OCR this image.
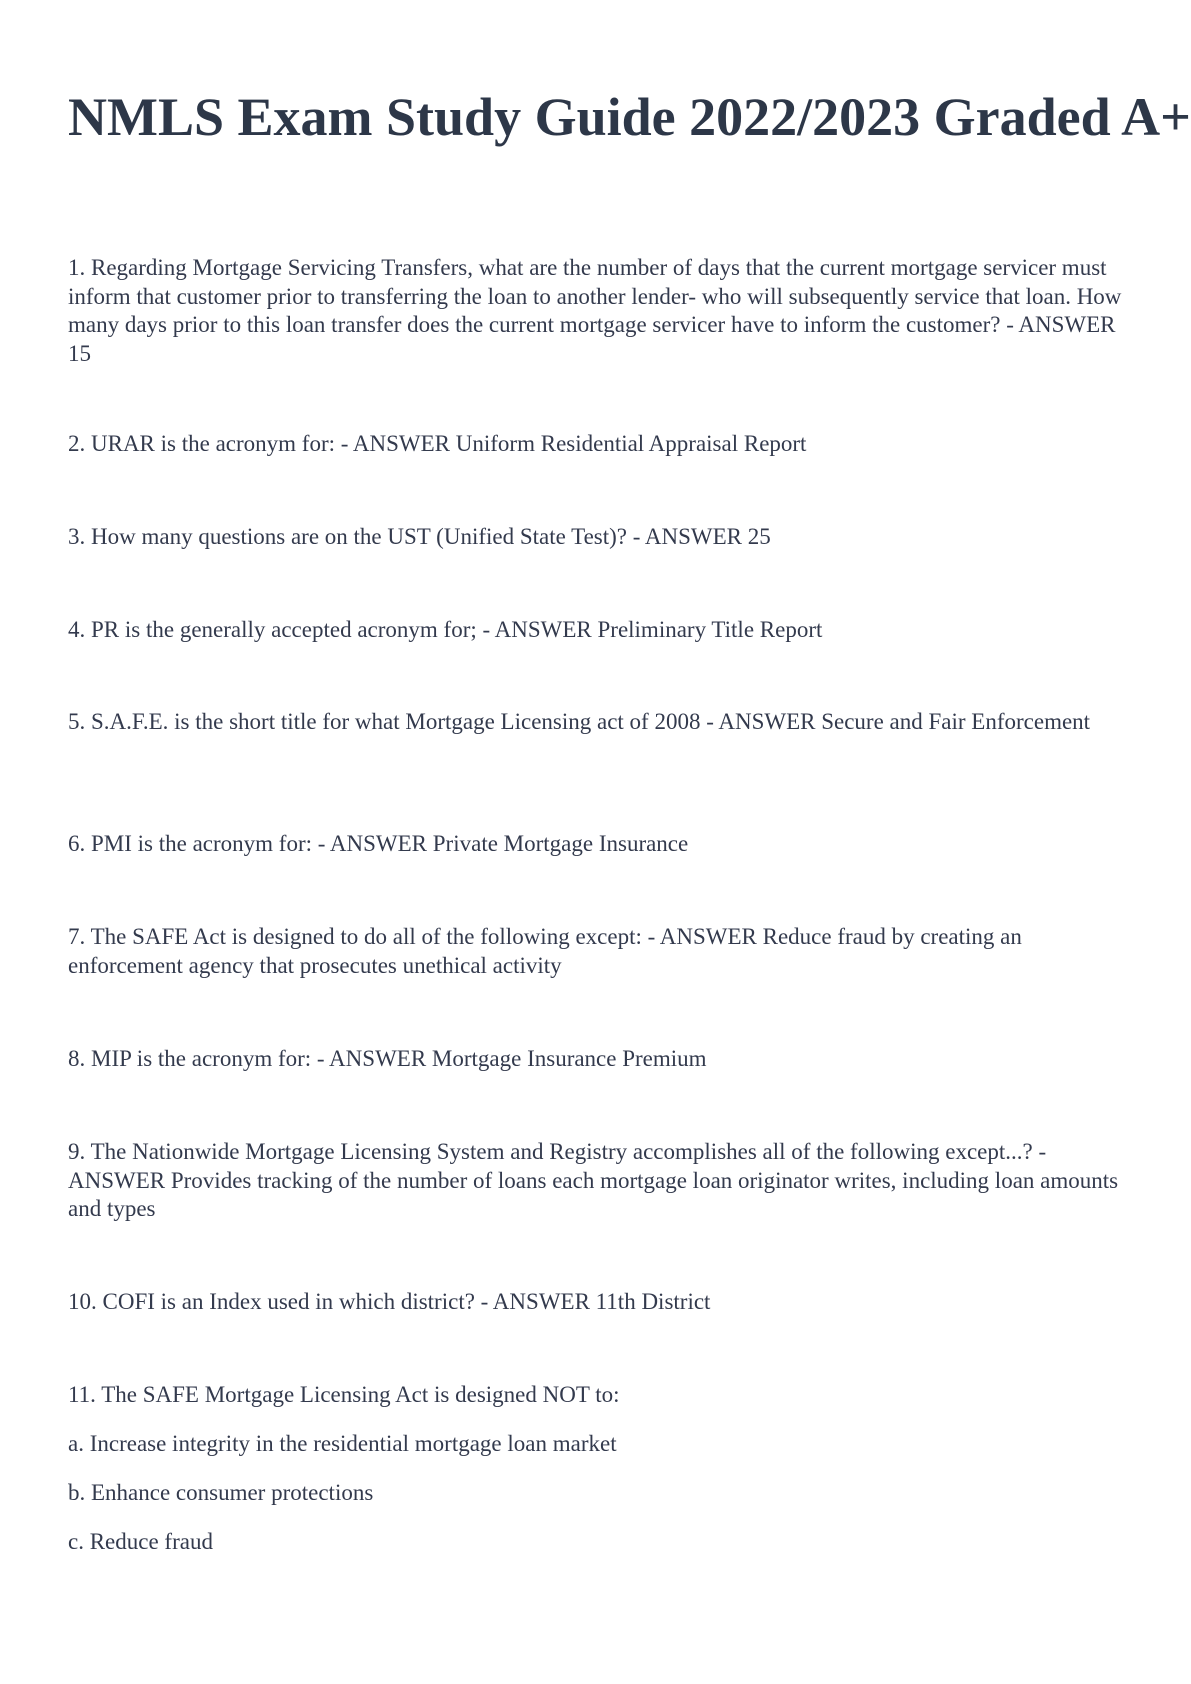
NMLS Exam Study Guide 2022/2023 Graded A+

1. Regarding Mortgage Servicing Transfers, what are the number of days that the current mortgage servicer must inform that customer prior to transferring the loan to another lender- who will subsequently service that loan. How many days prior to this loan transfer does the current mortgage servicer have to inform the customer? - ANSWER 15

2. URAR is the acronym for: - ANSWER Uniform Residential Appraisal Report

3. How many questions are on the UST (Unified State Test)? - ANSWER 25

4. PR is the generally accepted acronym for; - ANSWER Preliminary Title Report

5. S.A.F.E. is the short title for what Mortgage Licensing act of 2008 - ANSWER Secure and Fair Enforcement

6. PMI is the acronym for: - ANSWER Private Mortgage Insurance

7. The SAFE Act is designed to do all of the following except: - ANSWER Reduce fraud by creating an enforcement agency that prosecutes unethical activity

8. MIP is the acronym for: - ANSWER Mortgage Insurance Premium

9. The Nationwide Mortgage Licensing System and Registry accomplishes all of the following except...? - ANSWER Provides tracking of the number of loans each mortgage loan originator writes, including loan amounts and types

10. COFI is an Index used in which district? - ANSWER 11th District

11. The SAFE Mortgage Licensing Act is designed NOT to:

a. Increase integrity in the residential mortgage loan market

b. Enhance consumer protections

c. Reduce fraud
